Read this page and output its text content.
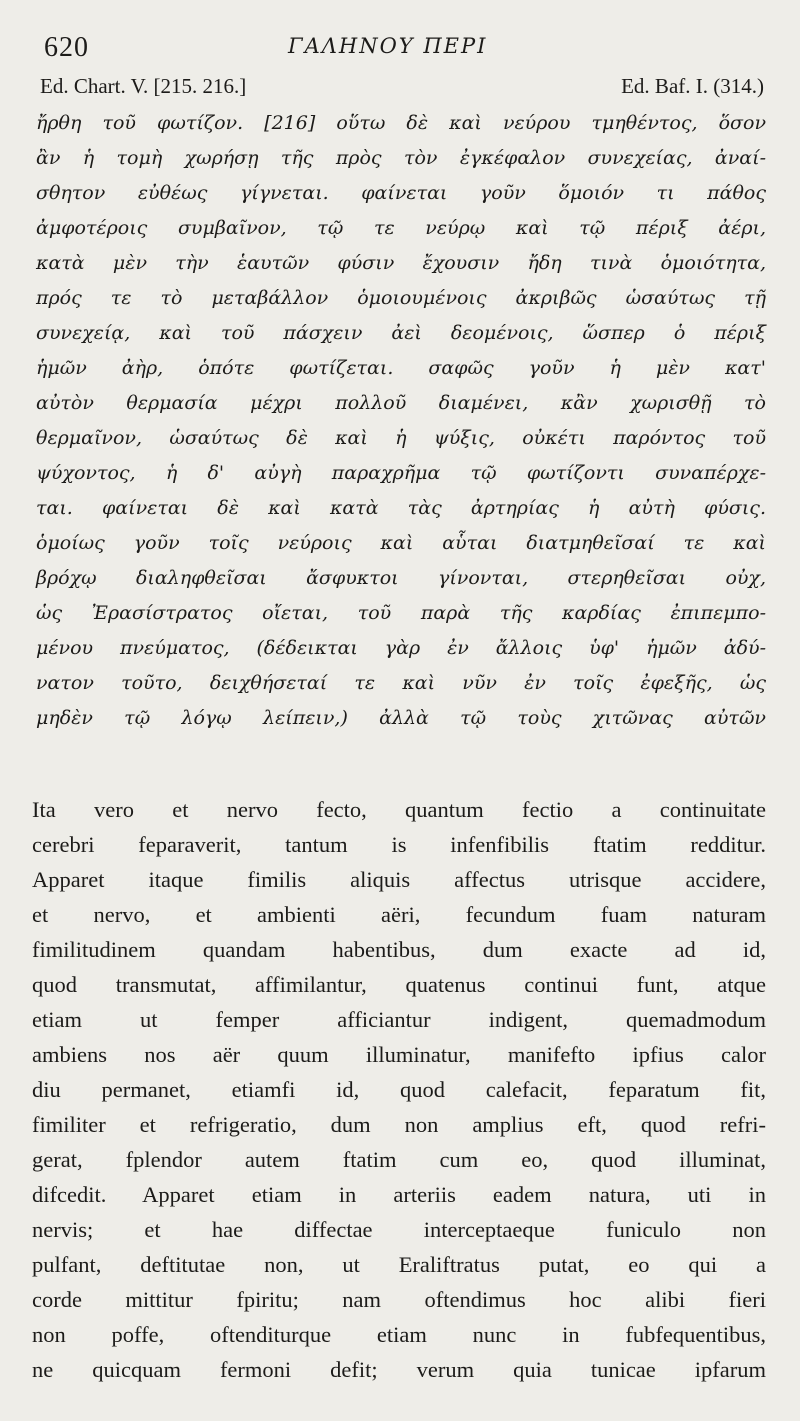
620	ΓΑΛΗΝΟΥ ΠΕΡΙ
Ed. Chart. V. [215. 216.]	Ed. Baf. I. (314.)
ἤρθη τοῦ φωτίζον. [216] οὕτω δὲ καὶ νεύρου τμηθέντος, ὅσον
ἂν ἡ τομὴ χωρήσῃ τῆς πρὸς τὸν ἐγκέφαλον συνεχείας, ἀναί-
σθητον εὐθέως γίγνεται. φαίνεται γοῦν ὅμοιόν τι πάθος
ἀμφοτέροις συμβαῖνον, τῷ τε νεύρῳ καὶ τῷ πέριξ ἀέρι,
κατὰ μὲν τὴν ἑαυτῶν φύσιν ἔχουσιν ἤδη τινὰ ὁμοιότητα,
πρός τε τὸ μεταβάλλον ὁμοιουμένοις ἀκριβῶς ὡσαύτως τῇ
συνεχείᾳ, καὶ τοῦ πάσχειν ἀεὶ δεομένοις, ὥσπερ ὁ πέριξ
ἡμῶν ἀὴρ, ὁπότε φωτίζεται. σαφῶς γοῦν ἡ μὲν κατ'
αὐτὸν θερμασία μέχρι πολλοῦ διαμένει, κἂν χωρισθῇ τὸ
θερμαῖνον, ὡσαύτως δὲ καὶ ἡ ψύξις, οὐκέτι παρόντος τοῦ
ψύχοντος, ἡ δ' αὐγὴ παραχρῆμα τῷ φωτίζοντι συναπέρχε-
ται. φαίνεται δὲ καὶ κατὰ τὰς ἀρτηρίας ἡ αὐτὴ φύσις.
ὁμοίως γοῦν τοῖς νεύροις καὶ αὗται διατμηθεῖσαί τε καὶ
βρόχῳ διαληφθεῖσαι ἄσφυκτοι γίνονται, στερηθεῖσαι οὐχ,
ὡς Ἐρασίστρατος οἴεται, τοῦ παρὰ τῆς καρδίας ἐπιπεμπο-
μένου πνεύματος, (δέδεικται γὰρ ἐν ἄλλοις ὑφ' ἡμῶν ἀδύ-
νατον τοῦτο, δειχθήσεταί τε καὶ νῦν ἐν τοῖς ἐφεξῆς, ὡς
μηδὲν τῷ λόγῳ λείπειν,) ἀλλὰ τῷ τοὺς χιτῶνας αὐτῶν
Ita vero et nervo fecto, quantum fectio a continuitate
cerebri feparaverit, tantum is infenfibilis ftatim redditur.
Apparet itaque fimilis aliquis affectus utrisque accidere,
et nervo, et ambienti aëri, fecundum fuam naturam
fimilitudinem quandam habentibus, dum exacte ad id,
quod transmutat, affimilantur, quatenus continui funt, atque
etiam ut femper afficiantur indigent, quemadmodum
ambiens nos aër quum illuminatur, manifefto ipfius calor
diu permanet, etiamfi id, quod calefacit, feparatum fit,
fimiliter et refrigeratio, dum non amplius eft, quod refri-
gerat, fplendor autem ftatim cum eo, quod illuminat,
difcedit. Apparet etiam in arteriis eadem natura, uti in
nervis; et hae diffectae interceptaeque funiculo non
pulfant, deftitutae non, ut Eraliftratus putat, eo qui a
corde mittitur fpiritu; nam oftendimus hoc alibi fieri
non poffe, oftenditurque etiam nunc in fubfequentibus,
ne quicquam fermoni defit; verum quia tunicae ipfarum
